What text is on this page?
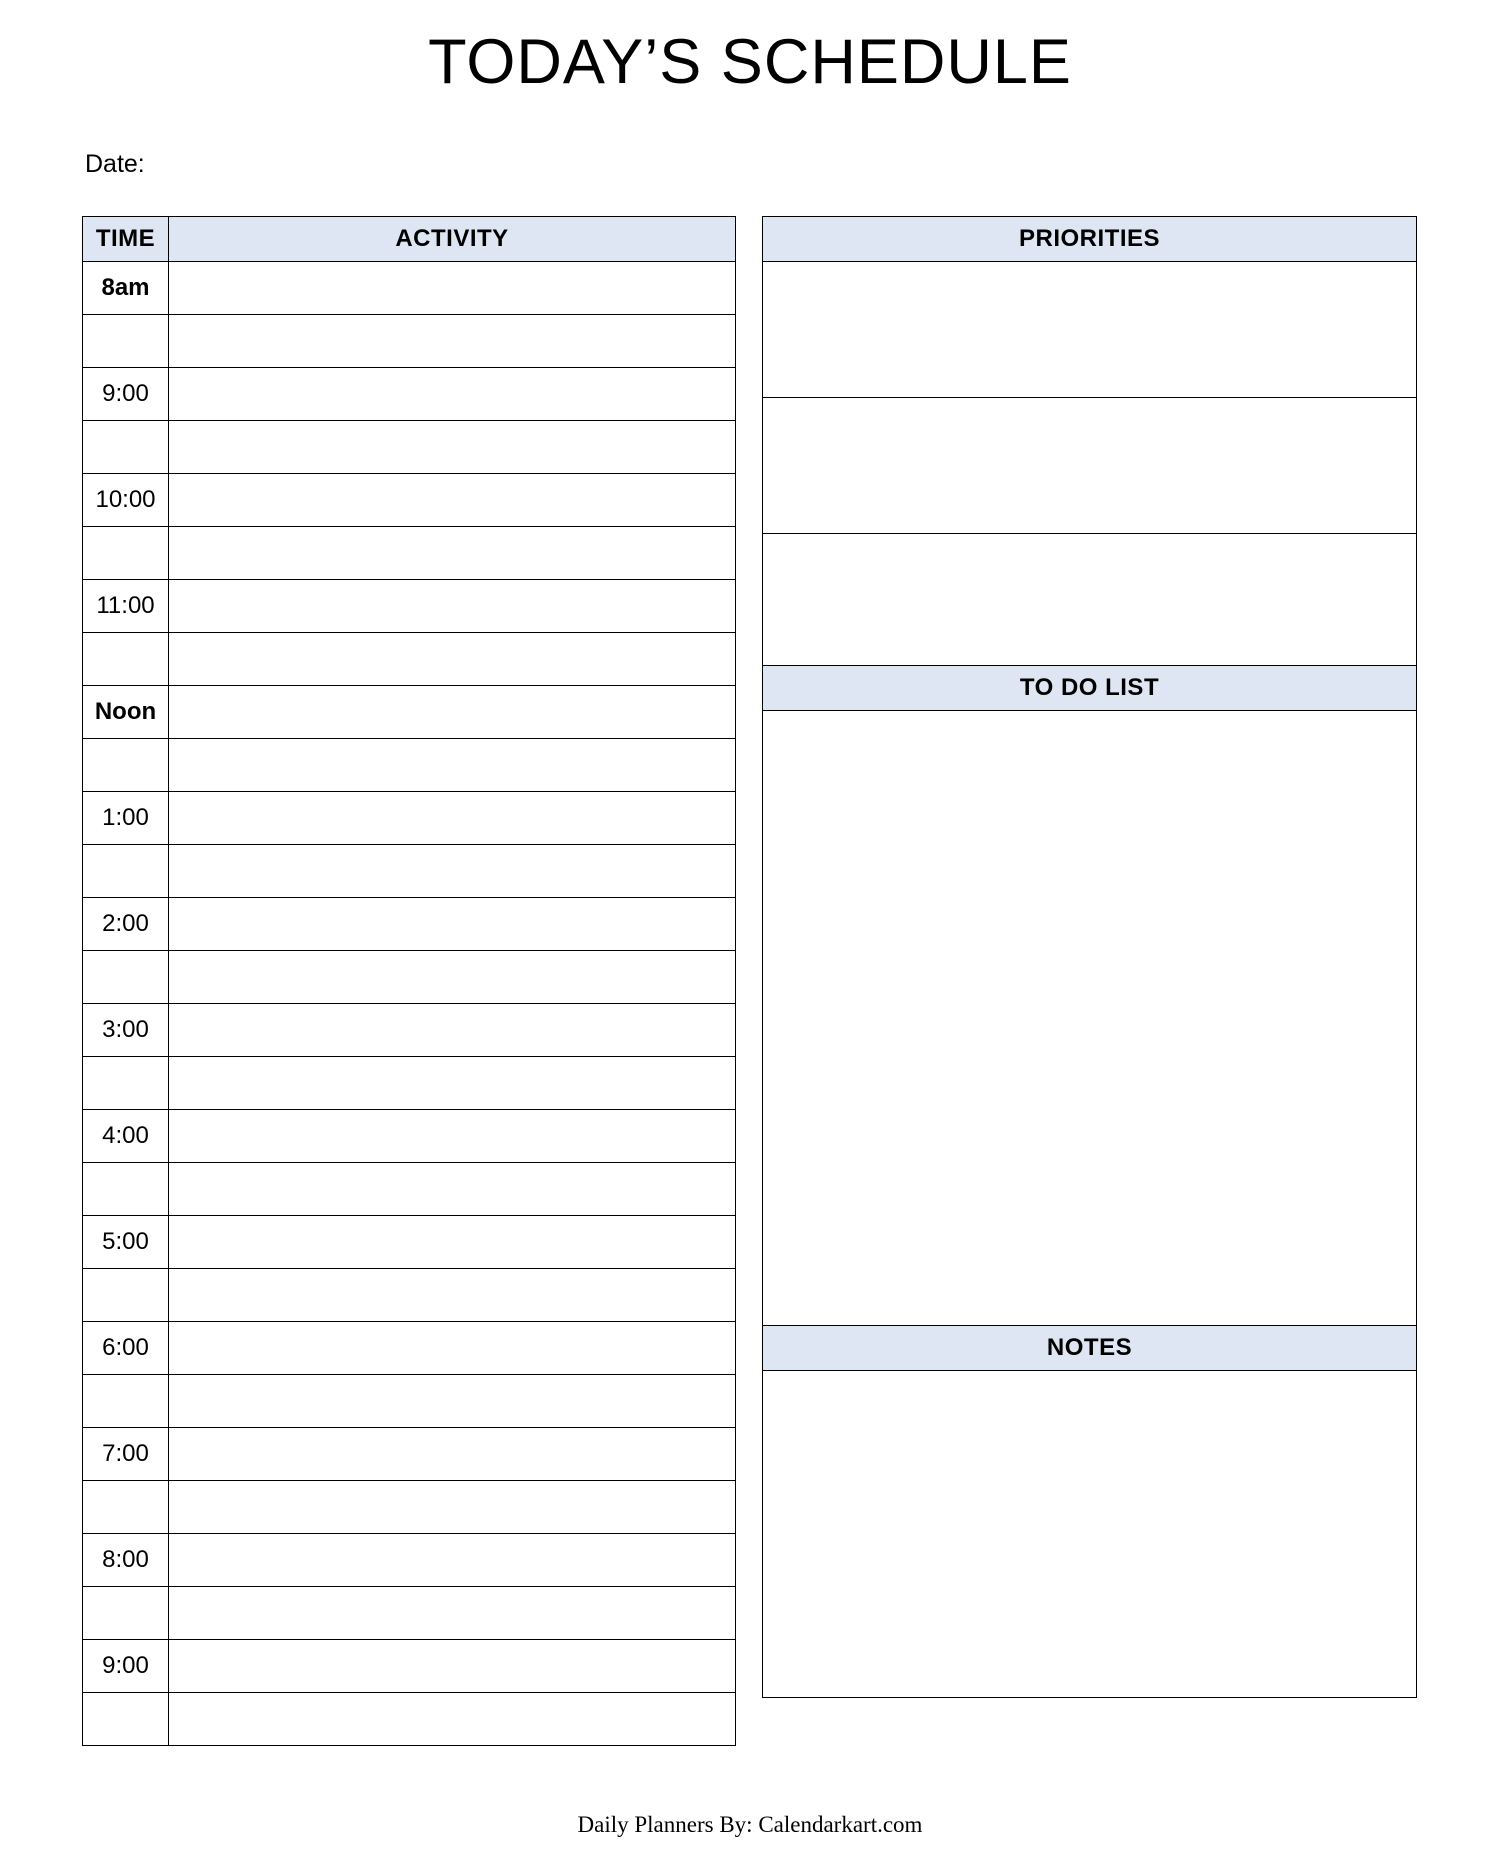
TODAY’S SCHEDULE
Date:
TIME	ACTIVITY
8am	

9:00	

10:00	

11:00	

Noon	

1:00	

2:00	

3:00	

4:00	

5:00	

6:00	

7:00	

8:00	

9:00	

PRIORITIES
TO DO LIST
NOTES
Daily Planners By: Calendarkart.com
